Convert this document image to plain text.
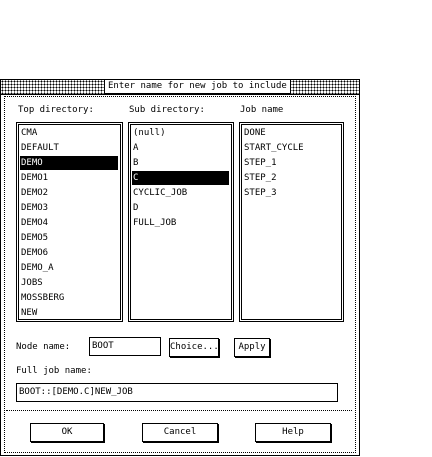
Enter name for new job to include
Top directory:	Sub directory:	Job name
CMA
DEFAULT
DEMO
DEMO1
DEMO2
DEMO3
DEMO4
DEMO5
DEMO6
DEMO_A
JOBS
MOSSBERG
NEW
(null)
A
B
C
CYCLIC_JOB
D
FULL_JOB
DONE
START_CYCLE
STEP_1
STEP_2
STEP_3
Node name:	BOOT	Choice...	Apply
Full job name:
BOOT::[DEMO.C]NEW_JOB
OK	Cancel	Help
